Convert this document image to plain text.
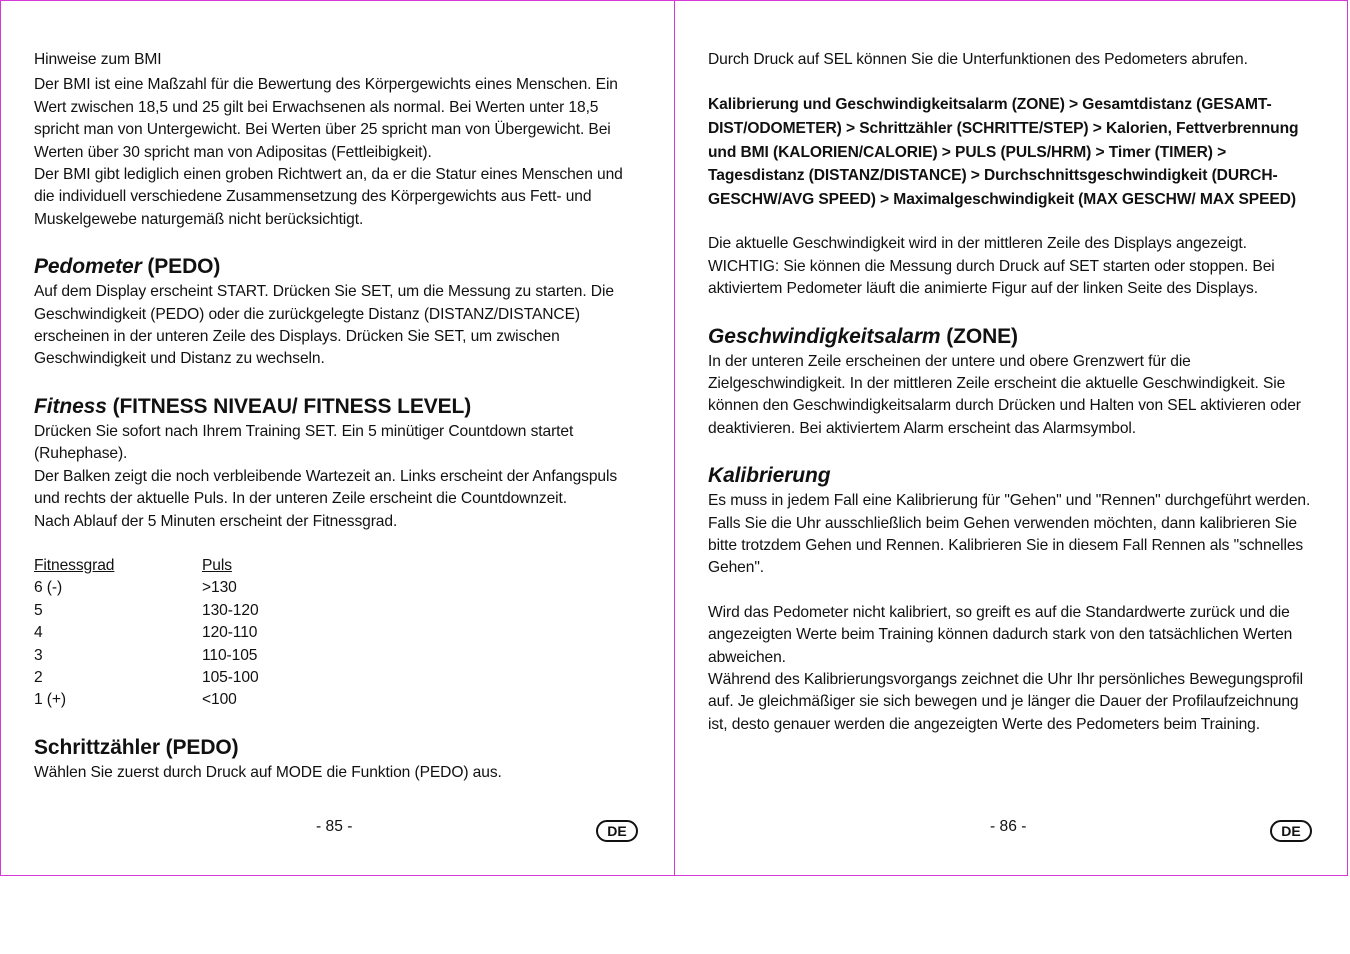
Hinweise zum BMI

Der BMI ist eine Maßzahl für die Bewertung des Körpergewichts eines Menschen. Ein Wert zwischen 18,5 und 25 gilt bei Erwachsenen als normal. Bei Werten unter 18,5 spricht man von Untergewicht. Bei Werten über 25 spricht man von Übergewicht. Bei Werten über 30 spricht man von Adipositas (Fettleibigkeit).

Der BMI gibt lediglich einen groben Richtwert an, da er die Statur eines Menschen und die individuell verschiedene Zusammensetzung des Körpergewichts aus Fett- und Muskelgewebe naturgemäß nicht berücksichtigt.

Pedometer (PEDO)

Auf dem Display erscheint START. Drücken Sie SET, um die Messung zu starten. Die Geschwindigkeit (PEDO) oder die zurückgelegte Distanz (DISTANZ/DISTANCE) erscheinen in der unteren Zeile des Displays. Drücken Sie SET, um zwischen Geschwindigkeit und Distanz zu wechseln.

Fitness (FITNESS NIVEAU/ FITNESS LEVEL)

Drücken Sie sofort nach Ihrem Training SET. Ein 5 minütiger Countdown startet (Ruhephase).

Der Balken zeigt die noch verbleibende Wartezeit an. Links erscheint der Anfangspuls und rechts der aktuelle Puls. In der unteren Zeile erscheint die Countdownzeit.

Nach Ablauf der 5 Minuten erscheint der Fitnessgrad.

Fitnessgrad	Puls
6 (-)	>130
5	130-120
4	120-110
3	110-105
2	105-100
1 (+)	<100
Schrittzähler (PEDO)

Wählen Sie zuerst durch Druck auf MODE die Funktion (PEDO) aus.

- 85 -	DE

Durch Druck auf SEL können Sie die Unterfunktionen des Pedometers abrufen.

Kalibrierung und Geschwindigkeitsalarm (ZONE) > Gesamtdistanz (GESAMT-DIST/ODOMETER) > Schrittzähler (SCHRITTE/STEP) > Kalorien, Fettverbrennung und BMI (KALORIEN/CALORIE) > PULS (PULS/HRM) > Timer (TIMER) > Tagesdistanz (DISTANZ/DISTANCE) > Durchschnittsgeschwindigkeit (DURCH-GESCHW/AVG SPEED) > Maximalgeschwindigkeit (MAX GESCHW/ MAX SPEED)

Die aktuelle Geschwindigkeit wird in der mittleren Zeile des Displays angezeigt.

WICHTIG: Sie können die Messung durch Druck auf SET starten oder stoppen. Bei aktiviertem Pedometer läuft die animierte Figur auf der linken Seite des Displays.

Geschwindigkeitsalarm (ZONE)

In der unteren Zeile erscheinen der untere und obere Grenzwert für die Zielgeschwindigkeit. In der mittleren Zeile erscheint die aktuelle Geschwindigkeit. Sie können den Geschwindigkeitsalarm durch Drücken und Halten von SEL aktivieren oder deaktivieren. Bei aktiviertem Alarm erscheint das Alarmsymbol.

Kalibrierung

Es muss in jedem Fall eine Kalibrierung für "Gehen" und "Rennen" durchgeführt werden. Falls Sie die Uhr ausschließlich beim Gehen verwenden möchten, dann kalibrieren Sie bitte trotzdem Gehen und Rennen. Kalibrieren Sie in diesem Fall Rennen als "schnelles Gehen".

Wird das Pedometer nicht kalibriert, so greift es auf die Standardwerte zurück und die angezeigten Werte beim Training können dadurch stark von den tatsächlichen Werten abweichen.

Während des Kalibrierungsvorgangs zeichnet die Uhr Ihr persönliches Bewegungsprofil auf. Je gleichmäßiger sie sich bewegen und je länger die Dauer der Profilaufzeichnung ist, desto genauer werden die angezeigten Werte des Pedometers beim Training.

- 86 -	DE
